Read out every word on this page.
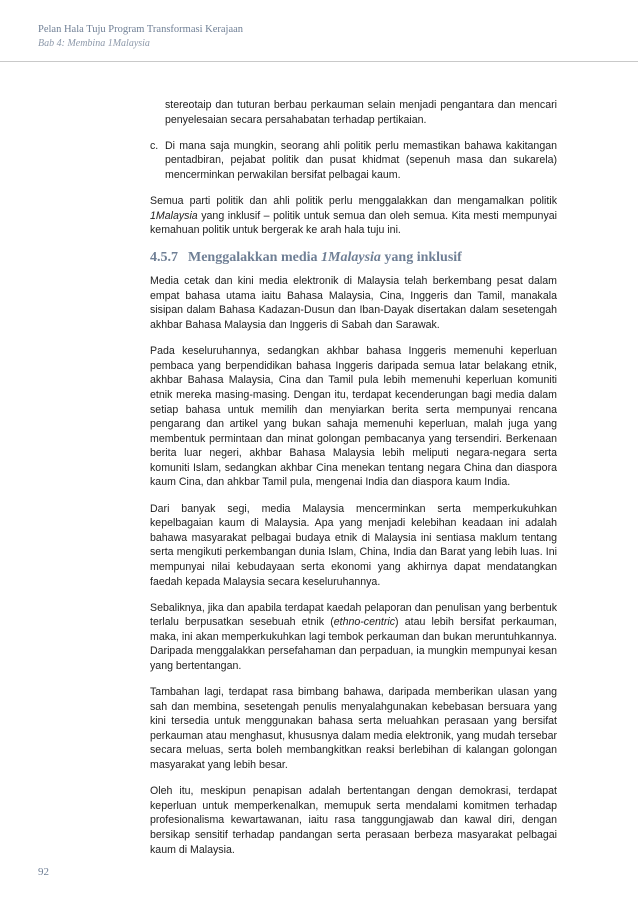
Pelan Hala Tuju Program Transformasi Kerajaan
Bab 4: Membina 1Malaysia
stereotaip dan tuturan berbau perkauman selain menjadi pengantara dan mencari penyelesaian secara persahabatan terhadap pertikaian.
c. Di mana saja mungkin, seorang ahli politik perlu memastikan bahawa kakitangan pentadbiran, pejabat politik dan pusat khidmat (sepenuh masa dan sukarela) mencerminkan perwakilan bersifat pelbagai kaum.

Semua parti politik dan ahli politik perlu menggalakkan dan mengamalkan politik 1Malaysia yang inklusif – politik untuk semua dan oleh semua. Kita mesti mempunyai kemahuan politik untuk bergerak ke arah hala tuju ini.

4.5.7 Menggalakkan media 1Malaysia yang inklusif

Media cetak dan kini media elektronik di Malaysia telah berkembang pesat dalam empat bahasa utama iaitu Bahasa Malaysia, Cina, Inggeris dan Tamil, manakala sisipan dalam Bahasa Kadazan-Dusun dan Iban-Dayak disertakan dalam sesetengah akhbar Bahasa Malaysia dan Inggeris di Sabah dan Sarawak.

Pada keseluruhannya, sedangkan akhbar bahasa Inggeris memenuhi keperluan pembaca yang berpendidikan bahasa Inggeris daripada semua latar belakang etnik, akhbar Bahasa Malaysia, Cina dan Tamil pula lebih memenuhi keperluan komuniti etnik mereka masing-masing. Dengan itu, terdapat kecenderungan bagi media dalam setiap bahasa untuk memilih dan menyiarkan berita serta mempunyai rencana pengarang dan artikel yang bukan sahaja memenuhi keperluan, malah juga yang membentuk permintaan dan minat golongan pembacanya yang tersendiri. Berkenaan berita luar negeri, akhbar Bahasa Malaysia lebih meliputi negara-negara serta komuniti Islam, sedangkan akhbar Cina menekan tentang negara China dan diaspora kaum Cina, dan ahkbar Tamil pula, mengenai India dan diaspora kaum India.

Dari banyak segi, media Malaysia mencerminkan serta memperkukuhkan kepelbagaian kaum di Malaysia. Apa yang menjadi kelebihan keadaan ini adalah bahawa masyarakat pelbagai budaya etnik di Malaysia ini sentiasa maklum tentang serta mengikuti perkembangan dunia Islam, China, India dan Barat yang lebih luas. Ini mempunyai nilai kebudayaan serta ekonomi yang akhirnya dapat mendatangkan faedah kepada Malaysia secara keseluruhannya.

Sebaliknya, jika dan apabila terdapat kaedah pelaporan dan penulisan yang berbentuk terlalu berpusatkan sesebuah etnik (ethno-centric) atau lebih bersifat perkauman, maka, ini akan memperkukuhkan lagi tembok perkauman dan bukan meruntuhkannya. Daripada menggalakkan persefahaman dan perpaduan, ia mungkin mempunyai kesan yang bertentangan.

Tambahan lagi, terdapat rasa bimbang bahawa, daripada memberikan ulasan yang sah dan membina, sesetengah penulis menyalahgunakan kebebasan bersuara yang kini tersedia untuk menggunakan bahasa serta meluahkan perasaan yang bersifat perkauman atau menghasut, khususnya dalam media elektronik, yang mudah tersebar secara meluas, serta boleh membangkitkan reaksi berlebihan di kalangan golongan masyarakat yang lebih besar.

Oleh itu, meskipun penapisan adalah bertentangan dengan demokrasi, terdapat keperluan untuk memperkenalkan, memupuk serta mendalami komitmen terhadap profesionalisma kewartawanan, iaitu rasa tanggungjawab dan kawal diri, dengan bersikap sensitif terhadap pandangan serta perasaan berbeza masyarakat pelbagai kaum di Malaysia.

92
